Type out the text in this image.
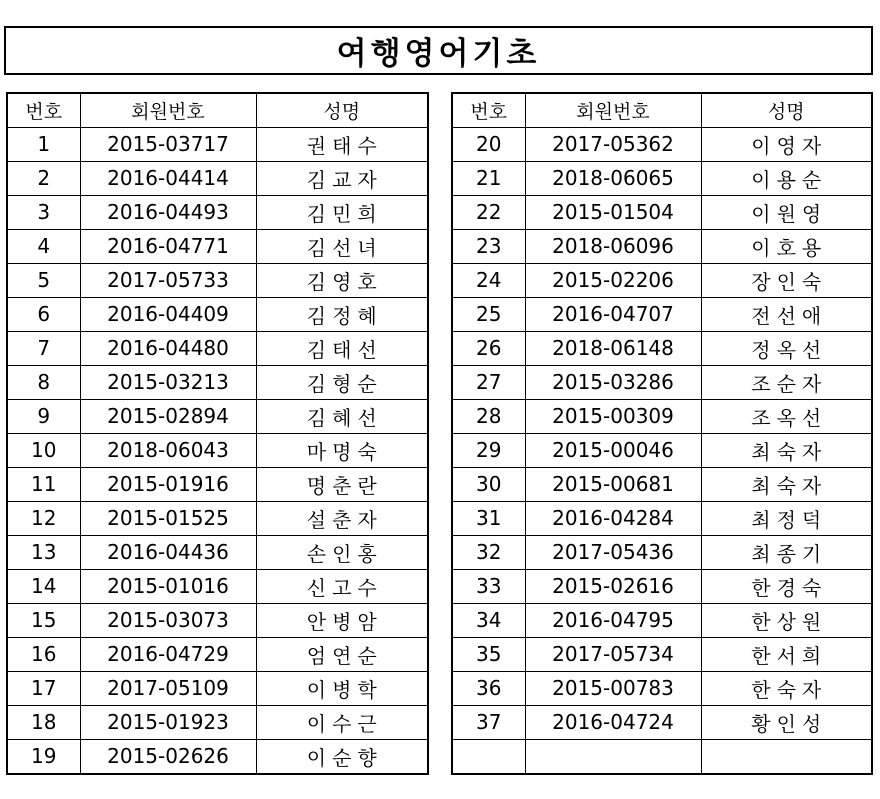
여행영어기초
번호	회원번호	성명
1	2015-03717	권태수
2	2016-04414	김교자
3	2016-04493	김민희
4	2016-04771	김선녀
5	2017-05733	김영호
6	2016-04409	김정혜
7	2016-04480	김태선
8	2015-03213	김형순
9	2015-02894	김혜선
10	2018-06043	마명숙
11	2015-01916	명춘란
12	2015-01525	설춘자
13	2016-04436	손인홍
14	2015-01016	신고수
15	2015-03073	안병암
16	2016-04729	엄연순
17	2017-05109	이병학
18	2015-01923	이수근
19	2015-02626	이순향
번호	회원번호	성명
20	2017-05362	이영자
21	2018-06065	이용순
22	2015-01504	이원영
23	2018-06096	이호용
24	2015-02206	장인숙
25	2016-04707	전선애
26	2018-06148	정옥선
27	2015-03286	조순자
28	2015-00309	조옥선
29	2015-00046	최숙자
30	2015-00681	최숙자
31	2016-04284	최정덕
32	2017-05436	최종기
33	2015-02616	한경숙
34	2016-04795	한상원
35	2017-05734	한서희
36	2015-00783	한숙자
37	2016-04724	황인성
